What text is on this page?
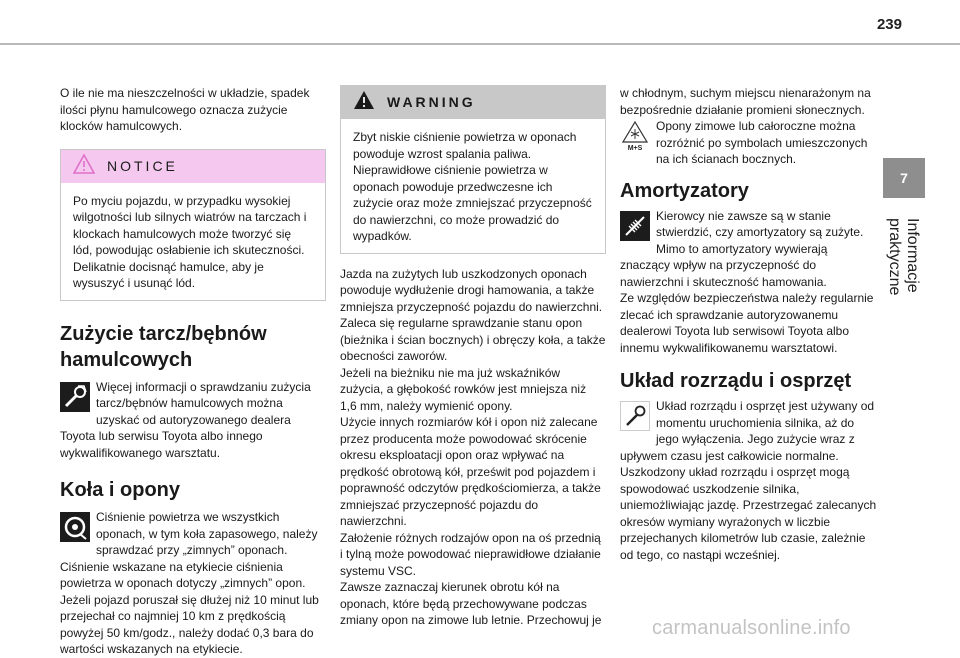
239
7
Informacje praktyczne

O ile nie ma nieszczelności w układzie, spadek ilości płynu hamulcowego oznacza zużycie klocków hamulcowych.

NOTICE
Po myciu pojazdu, w przypadku wysokiej wilgotności lub silnych wiatrów na tarczach i klockach hamulcowych może tworzyć się lód, powodując osłabienie ich skuteczności. Delikatnie docisnąć hamulce, aby je wysuszyć i usunąć lód.
Zużycie tarcz/bębnów hamulcowych

Więcej informacji o sprawdzaniu zużycia tarcz/bębnów hamulcowych można uzyskać od autoryzowanego dealera Toyota lub serwisu Toyota albo innego wykwalifikowanego warsztatu.

Koła i opony

Ciśnienie powietrza we wszystkich oponach, w tym koła zapasowego, należy sprawdzać przy „zimnych” oponach.

Ciśnienie wskazane na etykiecie ciśnienia powietrza w oponach dotyczy „zimnych” opon. Jeżeli pojazd poruszał się dłużej niż 10 minut lub przejechał co najmniej 10 km z prędkością powyżej 50 km/godz., należy dodać 0,3 bara do wartości wskazanych na etykiecie.

WARNING
Zbyt niskie ciśnienie powietrza w oponach powoduje wzrost spalania paliwa. Nieprawidłowe ciśnienie powietrza w oponach powoduje przedwczesne ich zużycie oraz może zmniejszać przyczepność do nawierzchni, co może prowadzić do wypadków.

Jazda na zużytych lub uszkodzonych oponach powoduje wydłużenie drogi hamowania, a także zmniejsza przyczepność pojazdu do nawierzchni. Zaleca się regularne sprawdzanie stanu opon (bieżnika i ścian bocznych) i obręczy koła, a także obecności zaworów.

Jeżeli na bieżniku nie ma już wskaźników zużycia, a głębokość rowków jest mniejsza niż 1,6 mm, należy wymienić opony.

Użycie innych rozmiarów kół i opon niż zalecane przez producenta może powodować skrócenie okresu eksploatacji opon oraz wpływać na prędkość obrotową kół, prześwit pod pojazdem i poprawność odczytów prędkościomierza, a także zmniejszać przyczepność pojazdu do nawierzchni.

Założenie różnych rodzajów opon na oś przednią i tylną może powodować nieprawidłowe działanie systemu VSC.

Zawsze zaznaczaj kierunek obrotu kół na oponach, które będą przechowywane podczas zmiany opon na zimowe lub letnie. Przechowuj je

w chłodnym, suchym miejscu nienarażonym na bezpośrednie działanie promieni słonecznych.

M+S

Opony zimowe lub całoroczne można rozróżnić po symbolach umieszczonych na ich ścianach bocznych.

Amortyzatory

Kierowcy nie zawsze są w stanie stwierdzić, czy amortyzatory są zużyte. Mimo to amortyzatory wywierają znaczący wpływ na przyczepność do nawierzchni i skuteczność hamowania.

Ze względów bezpieczeństwa należy regularnie zlecać ich sprawdzanie autoryzowanemu dealerowi Toyota lub serwisowi Toyota albo innemu wykwalifikowanemu warsztatowi.

Układ rozrządu i osprzęt

Układ rozrządu i osprzęt jest używany od momentu uruchomienia silnika, aż do jego wyłączenia. Jego zużycie wraz z upływem czasu jest całkowicie normalne.

Uszkodzony układ rozrządu i osprzęt mogą spowodować uszkodzenie silnika, uniemożliwiając jazdę. Przestrzegać zalecanych okresów wymiany wyrażonych w liczbie przejechanych kilometrów lub czasie, zależnie od tego, co nastąpi wcześniej.

carmanualsonline.info
